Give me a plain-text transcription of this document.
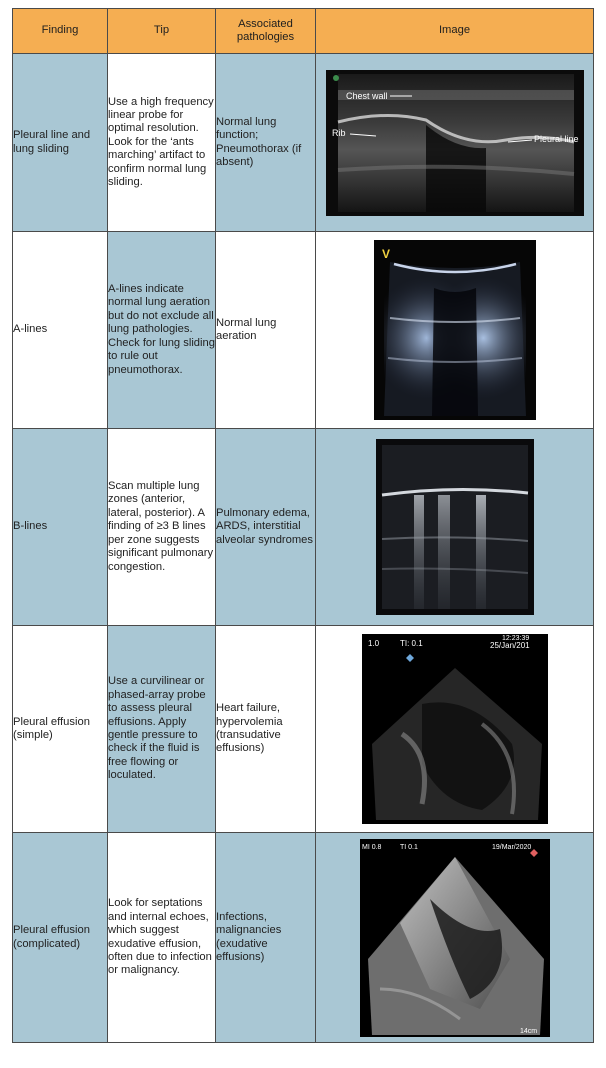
Finding	Tip	Associated pathologies	Image
Pleural line and lung sliding	Use a high frequency linear probe for optimal resolution. Look for the ‘ants marching’ artifact to confirm normal lung sliding.	Normal lung function; Pneumothorax (if absent)	Chest wall
Rib
Pleural line

A-lines	A-lines indicate normal lung aeration but do not exclude all lung pathologies. Check for lung sliding to rule out pneumothorax.	Normal lung aeration	V

B-lines	Scan multiple lung zones (anterior, lateral, posterior). A finding of ≥3 B lines per zone suggests significant pulmonary congestion.	Pulmonary edema, ARDS, interstitial alveolar syndromes	

Pleural effusion (simple)	Use a curvilinear or phased-array probe to assess pleural effusions. Apply gentle pressure to check if the fluid is free flowing or loculated.	Heart failure, hypervolemia (transudative effusions)	1.0 TI: 0.1
12:23:39
25/Jan/201

Pleural effusion (complicated)	Look for septations and internal echoes, which suggest exudative effusion, often due to infection or malignancy.	Infections, malignancies (exudative effusions)	MI 0.8 TI 0.1 19/Mar/2020
14cm
